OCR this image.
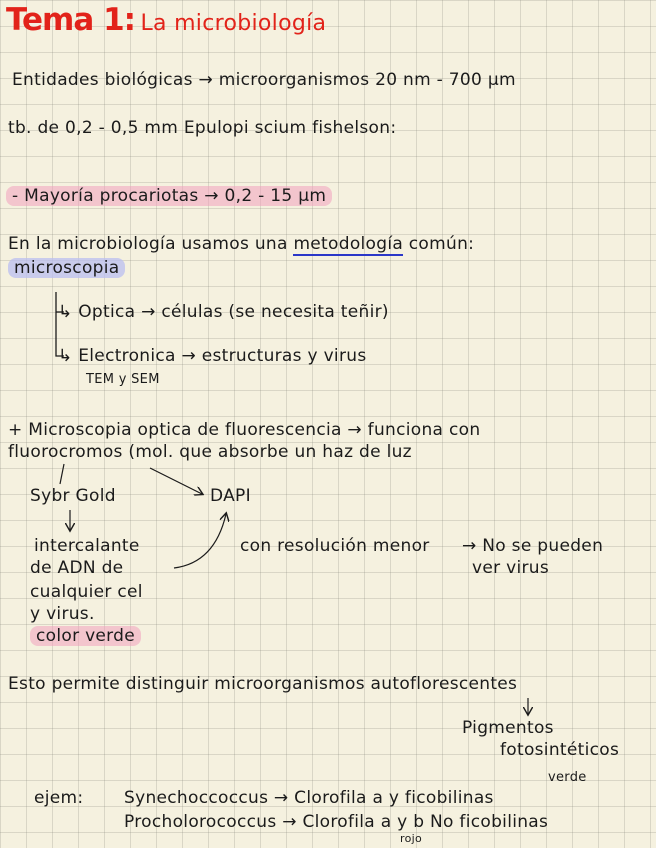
Tema 1: La microbiología
Entidades biológicas → microorganismos 20 nm - 700 μm
tb. de 0,2 - 0,5 mm Epulopi scium fishelson:
- Mayoría procariotas → 0,2 - 15 μm
En la microbiología usamos una metodología común:
microscopia
↳ Optica → células (se necesita teñir)
↳ Electronica → estructuras y virus
TEM y SEM
+ Microscopia optica de fluorescencia → funciona con
fluorocromos (mol. que absorbe un haz de luz
Sybr Gold	DAPI
intercalante
de ADN de
cualquier cel
y virus.
color verde
con resolución menor → No se pueden
ver virus
Esto permite distinguir microorganismos autoflorescentes
Pigmentos
fotosintéticos
verde
ejem: Synechoccoccus → Clorofila a y ficobilinas
Procholorococcus → Clorofila a y b No ficobilinas
rojo
